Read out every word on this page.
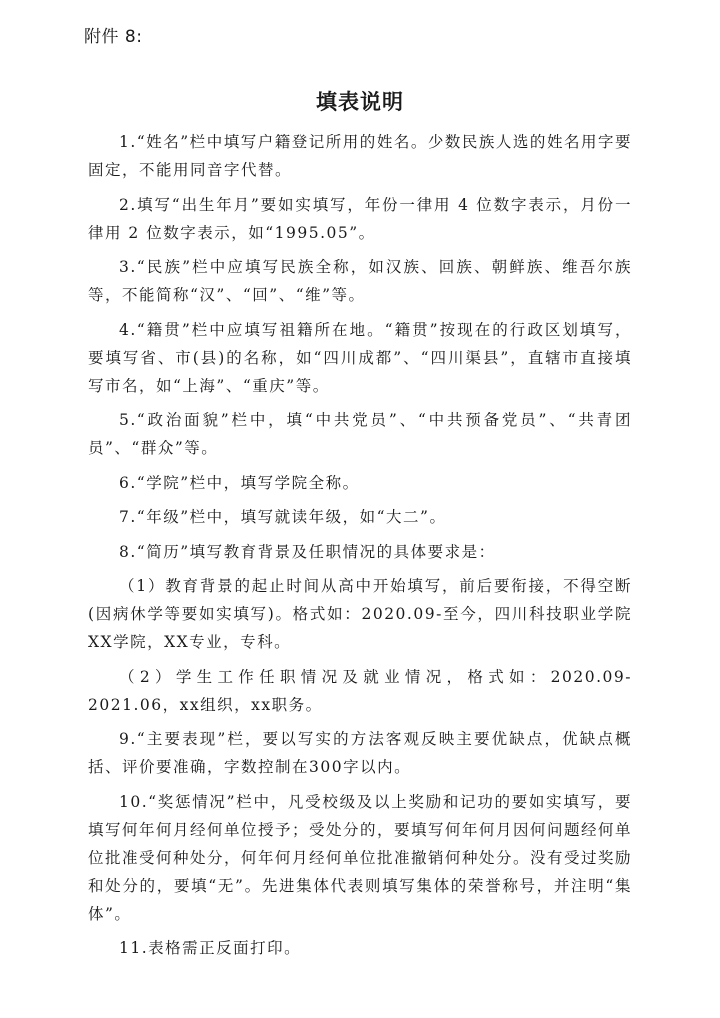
附件 8:
填表说明

1.“姓名”栏中填写户籍登记所用的姓名。少数民族人选的姓名用字要固定，不能用同音字代替。

2.填写“出生年月”要如实填写，年份一律用 4 位数字表示，月份一律用 2 位数字表示，如“1995.05”。

3.“民族”栏中应填写民族全称，如汉族、回族、朝鲜族、维吾尔族等，不能简称“汉”、“回”、“维”等。

4.“籍贯”栏中应填写祖籍所在地。“籍贯”按现在的行政区划填写，要填写省、市(县)的名称，如“四川成都”、“四川渠县”，直辖市直接填写市名，如“上海”、“重庆”等。

5.“政治面貌”栏中，填“中共党员”、“中共预备党员”、“共青团员”、“群众”等。

6.“学院”栏中，填写学院全称。

7.“年级”栏中，填写就读年级，如“大二”。

8.“简历”填写教育背景及任职情况的具体要求是：

（1）教育背景的起止时间从高中开始填写，前后要衔接，不得空断(因病休学等要如实填写)。格式如：2020.09-至今，四川科技职业学院XX学院，XX专业，专科。

（2）学生工作任职情况及就业情况，格式如：2020.09-2021.06，xx组织，xx职务。

9.“主要表现”栏，要以写实的方法客观反映主要优缺点，优缺点概括、评价要准确，字数控制在300字以内。

10.“奖惩情况”栏中，凡受校级及以上奖励和记功的要如实填写，要填写何年何月经何单位授予；受处分的，要填写何年何月因何问题经何单位批准受何种处分，何年何月经何单位批准撤销何种处分。没有受过奖励和处分的，要填“无”。先进集体代表则填写集体的荣誉称号，并注明“集体”。

11.表格需正反面打印。
